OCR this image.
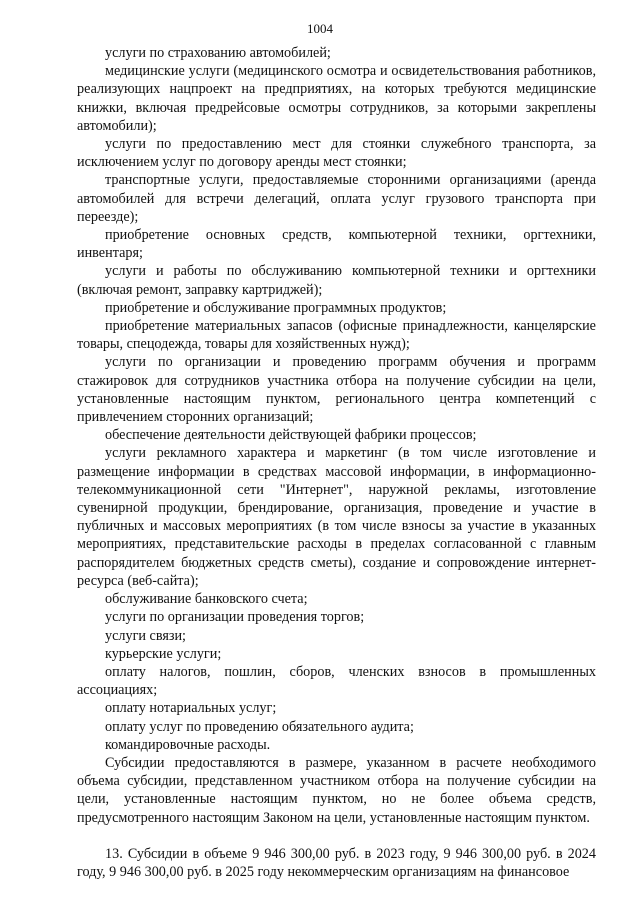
1004

услуги по страхованию автомобилей;

медицинские услуги (медицинского осмотра и освидетельствования работников, реализующих нацпроект на предприятиях, на которых требуются медицинские книжки, включая предрейсовые осмотры сотрудников, за которыми закреплены автомобили);

услуги по предоставлению мест для стоянки служебного транспорта, за исключением услуг по договору аренды мест стоянки;

транспортные услуги, предоставляемые сторонними организациями (аренда автомобилей для встречи делегаций, оплата услуг грузового транспорта при переезде);

приобретение основных средств, компьютерной техники, оргтехники, инвентаря;

услуги и работы по обслуживанию компьютерной техники и оргтехники (включая ремонт, заправку картриджей);

приобретение и обслуживание программных продуктов;

приобретение материальных запасов (офисные принадлежности, канцелярские товары, спецодежда, товары для хозяйственных нужд);

услуги по организации и проведению программ обучения и программ стажировок для сотрудников участника отбора на получение субсидии на цели, установленные настоящим пунктом, регионального центра компетенций с привлечением сторонних организаций;

обеспечение деятельности действующей фабрики процессов;

услуги рекламного характера и маркетинг (в том числе изготовление и размещение информации в средствах массовой информации, в информационно-телекоммуникационной сети "Интернет", наружной рекламы, изготовление сувенирной продукции, брендирование, организация, проведение и участие в публичных и массовых мероприятиях (в том числе взносы за участие в указанных мероприятиях, представительские расходы в пределах согласованной с главным распорядителем бюджетных средств сметы), создание и сопровождение интернет-ресурса (веб-сайта);

обслуживание банковского счета;

услуги по организации проведения торгов;

услуги связи;

курьерские услуги;

оплату налогов, пошлин, сборов, членских взносов в промышленных ассоциациях;

оплату нотариальных услуг;

оплату услуг по проведению обязательного аудита;

командировочные расходы.

Субсидии предоставляются в размере, указанном в расчете необходимого объема субсидии, представленном участником отбора на получение субсидии на цели, установленные настоящим пунктом, но не более объема средств, предусмотренного настоящим Законом на цели, установленные настоящим пунктом.

13. Субсидии в объеме 9 946 300,00 руб. в 2023 году, 9 946 300,00 руб. в 2024 году, 9 946 300,00 руб. в 2025 году некоммерческим организациям на финансовое
